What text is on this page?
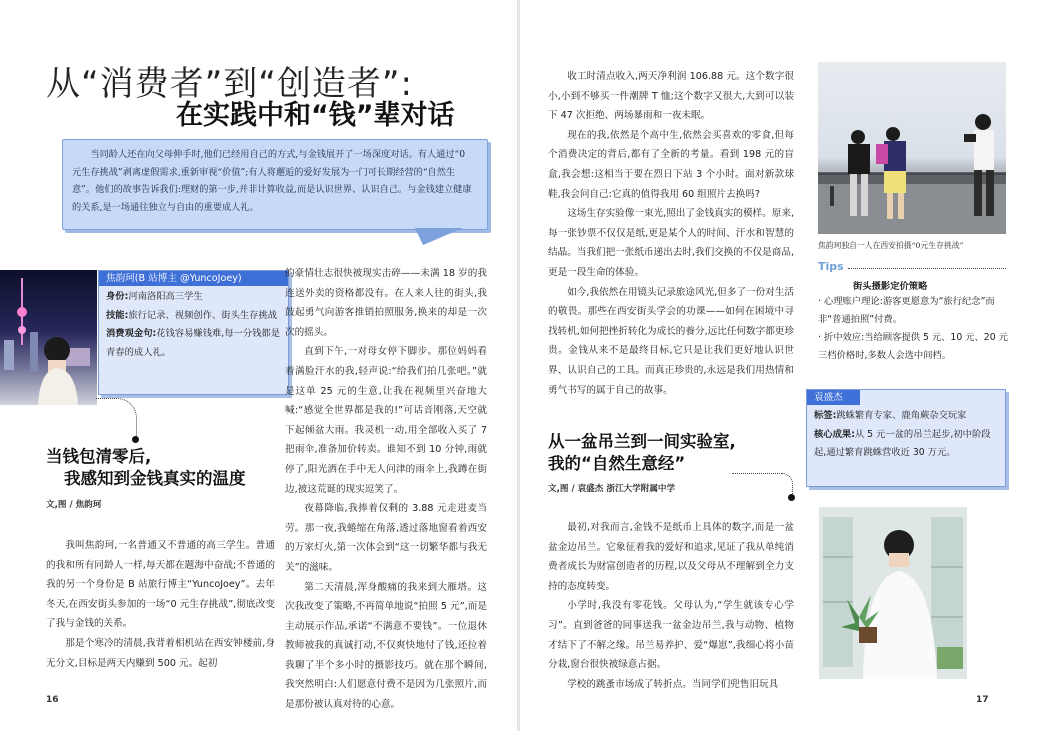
从“消费者”到“创造者”:
在实践中和“钱”辈对话

当同龄人还在向父母伸手时,他们已经用自己的方式,与金钱展开了一场深度对话。有人通过“0元生存挑战”剥离虚假需求,重新审视“价值”;有人将邂逅的爱好发展为一门可长期经营的“自然生意”。他们的故事告诉我们:理财的第一步,并非计算收益,而是认识世界、认识自己。与金钱建立健康的关系,是一场通往独立与自由的重要成人礼。

焦韵珂(B 站博主 @YuncoJoey)
身份:河南洛阳高三学生
技能:旅行记录、视频创作、街头生存挑战
消费观金句:花钱容易赚钱难,每一分钱都是青春的成人礼。
当钱包清零后,
我感知到金钱真实的温度
文,图 / 焦韵珂

我叫焦韵珂,一名普通又不普通的高三学生。普通的我和所有同龄人一样,每天都在题海中奋战;不普通的我的另一个身份是 B 站旅行博主“YuncoJoey”。去年冬天,在西安街头参加的一场“0 元生存挑战”,彻底改变了我与金钱的关系。

那是个寒冷的清晨,我背着相机站在西安钟楼前,身无分文,目标是两天内赚到 500 元。起初

的豪情壮志很快被现实击碎——未满 18 岁的我连送外卖的资格都没有。在人来人往的街头,我鼓起勇气向游客推销拍照服务,换来的却是一次次的摇头。

直到下午,一对母女停下脚步。那位妈妈看着满脸汗水的我,轻声说:“给我们拍几张吧。”就是这单 25 元的生意,让我在视频里兴奋地大喊:“感觉全世界都是我的!”可话音刚落,天空就下起倾盆大雨。我灵机一动,用全部收入买了 7 把雨伞,准备加价转卖。谁知不到 10 分钟,雨就停了,阳光洒在手中无人问津的雨伞上,我蹲在街边,被这荒诞的现实逗笑了。

夜幕降临,我捧着仅剩的 3.88 元走进麦当劳。那一夜,我蜷缩在角落,透过落地窗看着西安的万家灯火,第一次体会到“这一切繁华都与我无关”的滋味。

第二天清晨,浑身酸痛的我来到大雁塔。这次我改变了策略,不再简单地说“拍照 5 元”,而是主动展示作品,承诺“不满意不要钱”。一位退休教师被我的真诚打动,不仅爽快地付了钱,还拉着我聊了半个多小时的摄影技巧。就在那个瞬间,我突然明白:人们愿意付费不是因为几张照片,而是那份被认真对待的心意。

收工时清点收入,两天净利润 106.88 元。这个数字很小,小到不够买一件潮牌 T 恤;这个数字又很大,大到可以装下 47 次拒绝、两场暴雨和一夜未眠。

现在的我,依然是个高中生,依然会买喜欢的零食,但每个消费决定的背后,都有了全新的考量。看到 198 元的盲盒,我会想:这相当于要在烈日下站 3 个小时。面对新款球鞋,我会问自己:它真的值得我用 60 组照片去换吗?

这场生存实验像一束光,照出了金钱真实的模样。原来,每一张钞票不仅仅是纸,更是某个人的时间、汗水和智慧的结晶。当我们把一张纸币递出去时,我们交换的不仅是商品,更是一段生命的体验。

如今,我依然在用镜头记录旅途风光,但多了一份对生活的敬畏。那些在西安街头学会的功课——如何在困境中寻找转机,如何把挫折转化为成长的養分,远比任何数字都更珍贵。金钱从来不是最终目标,它只是让我们更好地认识世界、认识自己的工具。而真正珍贵的,永远是我们用热情和勇气书写的属于自己的故事。

焦韵珂独自一人在西安拍摄“0元生存挑战”
Tips
街头摄影定价策略

· 心理账户理论:游客更愿意为“旅行纪念”而非“普通拍照”付费。

· 折中效应:当给顾客提供 5 元、10 元、20 元三档价格时,多数人会选中间档。

袁盛杰
标签:跳蛛繁育专家、鹿角蕨杂交玩家
核心成果:从 5 元一盆的吊兰起步,初中阶段起,通过繁育跳蛛营收近 30 万元。
从一盆吊兰到一间实验室,
我的“自然生意经”
文,图 / 袁盛杰 浙江大学附属中学

最初,对我而言,金钱不是纸币上具体的数字,而是一盆盆金边吊兰。它象征着我的爱好和追求,见证了我从单纯消费者成长为财富创造者的历程,以及父母从不理解到全力支持的态度转变。

小学时,我没有零花钱。父母认为,“学生就该专心学习”。直到爸爸的同事送我一盆金边吊兰,我与动物、植物才结下了不解之缘。吊兰易养护、爱“爆崽”,我细心将小苗分栽,窗台很快被绿意占据。

学校的跳蚤市场成了转折点。当同学们兜售旧玩具

16	17
